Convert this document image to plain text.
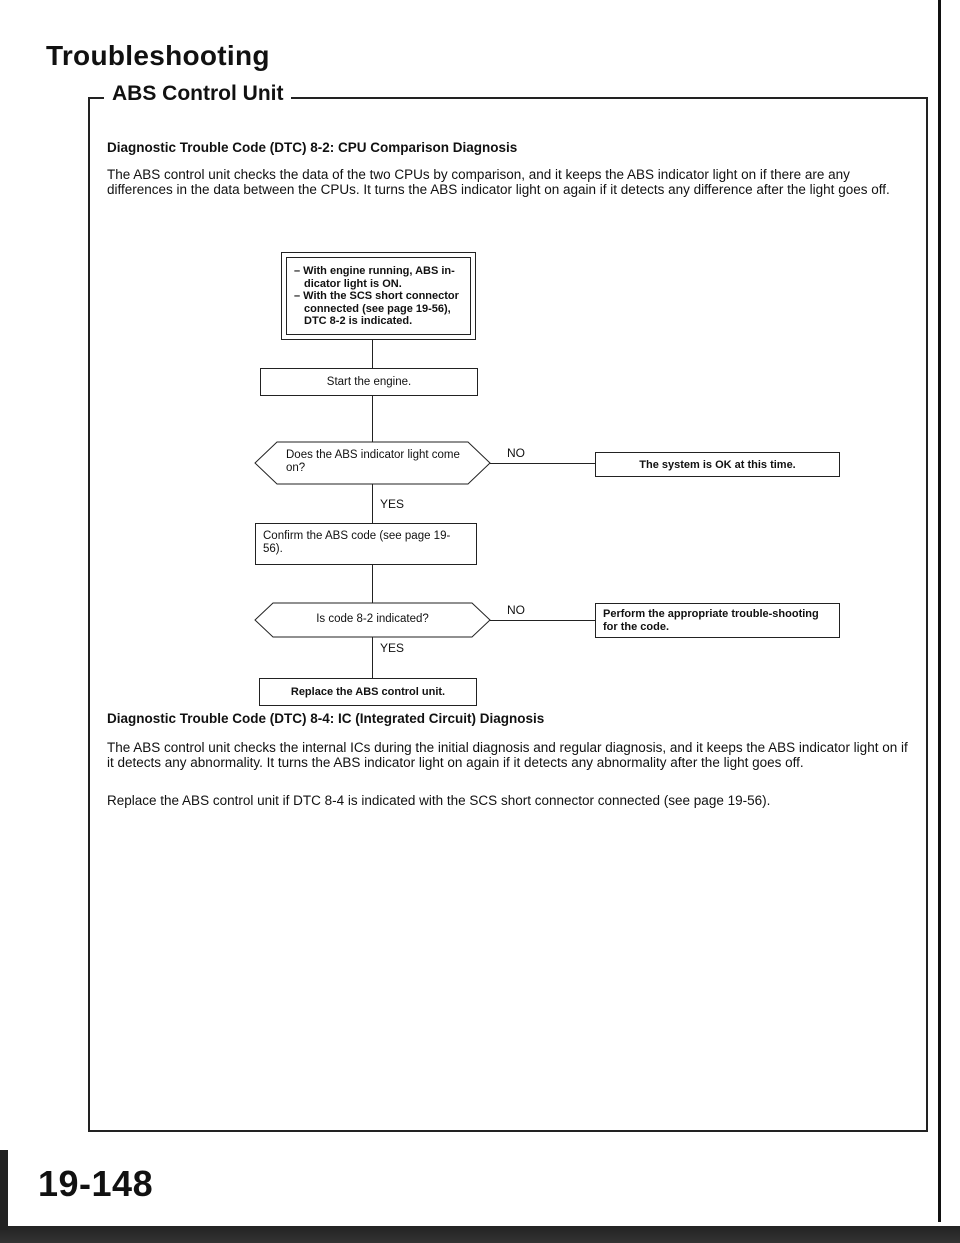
Troubleshooting
ABS Control Unit
Diagnostic Trouble Code (DTC) 8-2: CPU Comparison Diagnosis
The ABS control unit checks the data of the two CPUs by comparison, and it keeps the ABS indicator light on if there are any differences in the data between the CPUs. It turns the ABS indicator light on again if it detects any difference after the light goes off.
– With engine running, ABS in-
dicator light is ON.
– With the SCS short connector
connected (see page 19-56),
DTC 8-2 is indicated.
Start the engine.
Does the ABS indicator light come on?
NO
The system is OK at this time.
YES
Confirm the ABS code (see page 19-56).
Is code 8-2 indicated?
NO	Perform the appropriate trouble-shooting for the code.
YES
Replace the ABS control unit.
Diagnostic Trouble Code (DTC) 8-4: IC (Integrated Circuit) Diagnosis
The ABS control unit checks the internal ICs during the initial diagnosis and regular diagnosis, and it keeps the ABS indicator light on if it detects any abnormality. It turns the ABS indicator light on again if it detects any abnormality after the light goes off.
Replace the ABS control unit if DTC 8-4 is indicated with the SCS short connector connected (see page 19-56).
19-148
